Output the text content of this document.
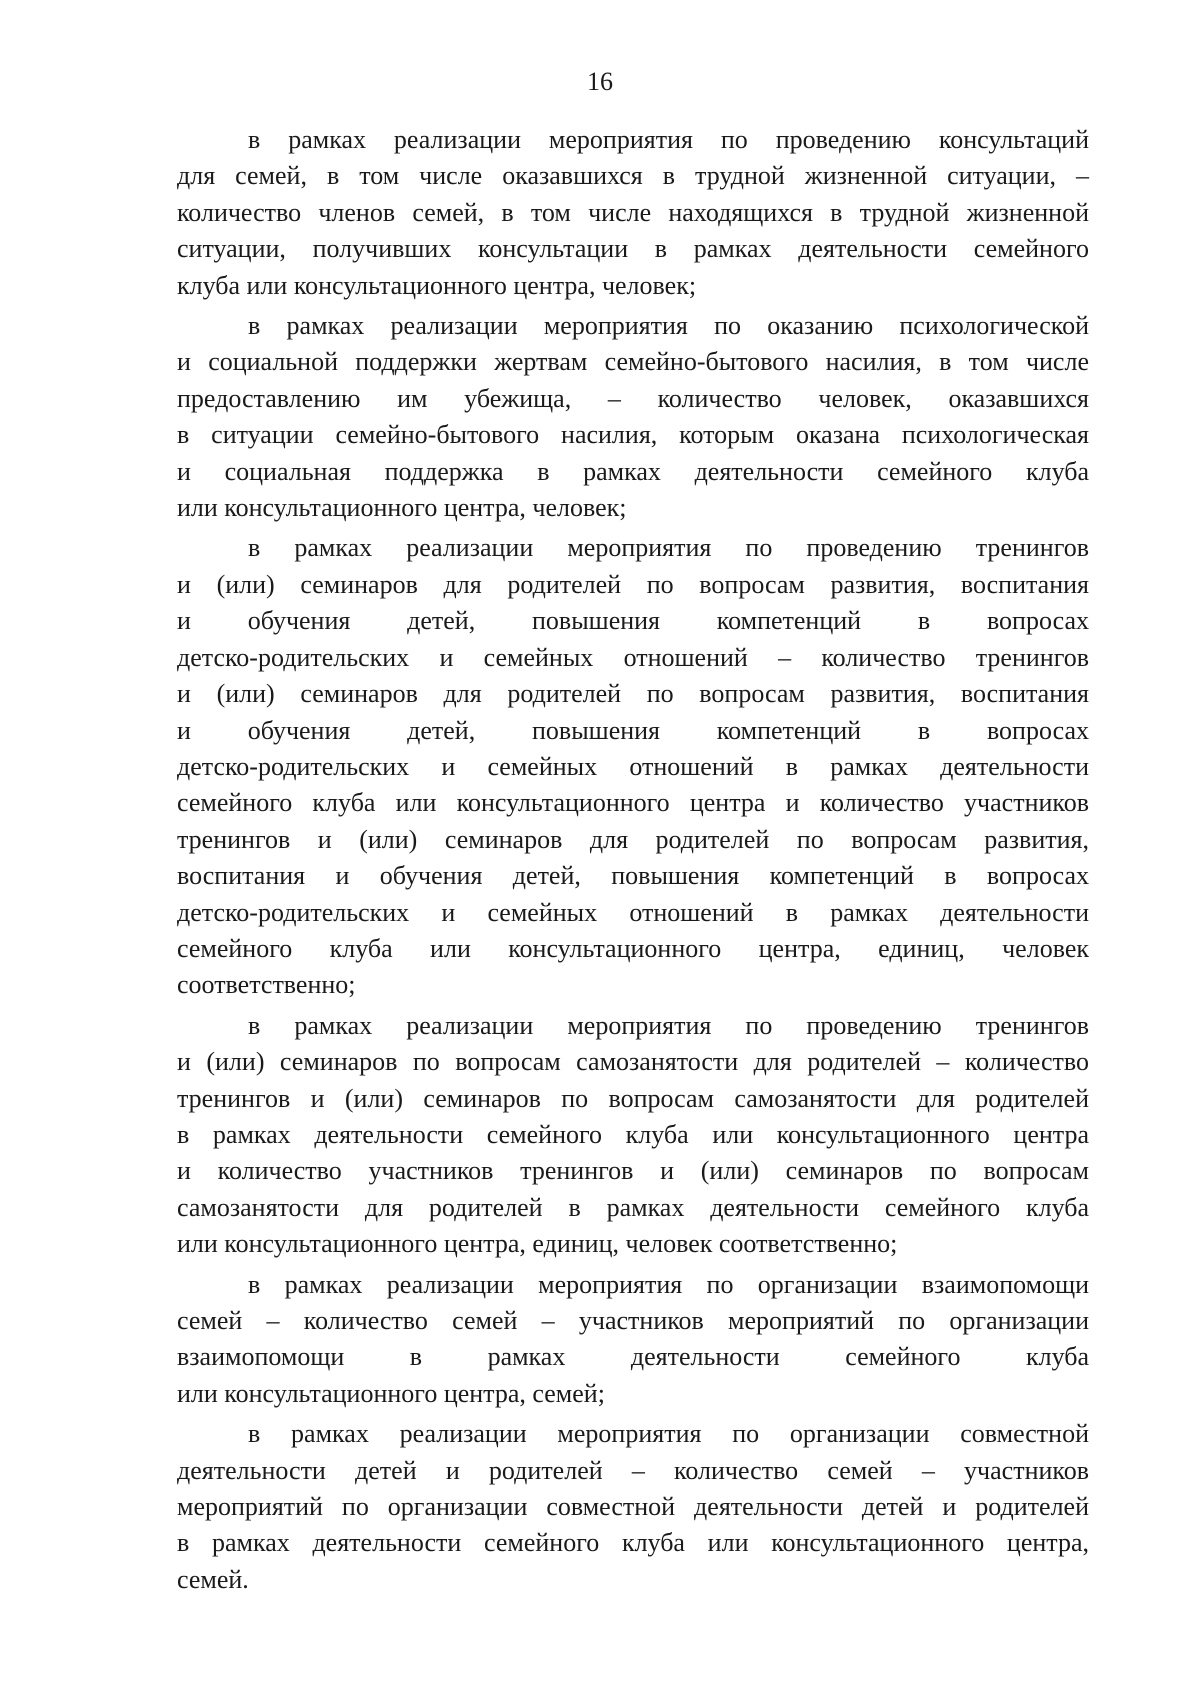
16

в рамках реализации мероприятия по проведению консультаций
для семей, в том числе оказавшихся в трудной жизненной ситуации, –
количество членов семей, в том числе находящихся в трудной жизненной
ситуации, получивших консультации в рамках деятельности семейного
клуба или консультационного центра, человек;

в рамках реализации мероприятия по оказанию психологической
и социальной поддержки жертвам семейно-бытового насилия, в том числе
предоставлению им убежища, – количество человек, оказавшихся
в ситуации семейно-бытового насилия, которым оказана психологическая
и социальная поддержка в рамках деятельности семейного клуба
или консультационного центра, человек;

в рамках реализации мероприятия по проведению тренингов
и (или) семинаров для родителей по вопросам развития, воспитания
и обучения детей, повышения компетенций в вопросах
детско-родительских и семейных отношений – количество тренингов
и (или) семинаров для родителей по вопросам развития, воспитания
и обучения детей, повышения компетенций в вопросах
детско-родительских и семейных отношений в рамках деятельности
семейного клуба или консультационного центра и количество участников
тренингов и (или) семинаров для родителей по вопросам развития,
воспитания и обучения детей, повышения компетенций в вопросах
детско-родительских и семейных отношений в рамках деятельности
семейного клуба или консультационного центра, единиц, человек
соответственно;

в рамках реализации мероприятия по проведению тренингов
и (или) семинаров по вопросам самозанятости для родителей – количество
тренингов и (или) семинаров по вопросам самозанятости для родителей
в рамках деятельности семейного клуба или консультационного центра
и количество участников тренингов и (или) семинаров по вопросам
самозанятости для родителей в рамках деятельности семейного клуба
или консультационного центра, единиц, человек соответственно;

в рамках реализации мероприятия по организации взаимопомощи
семей – количество семей – участников мероприятий по организации
взаимопомощи в рамках деятельности семейного клуба
или консультационного центра, семей;

в рамках реализации мероприятия по организации совместной
деятельности детей и родителей – количество семей – участников
мероприятий по организации совместной деятельности детей и родителей
в рамках деятельности семейного клуба или консультационного центра,
семей.
